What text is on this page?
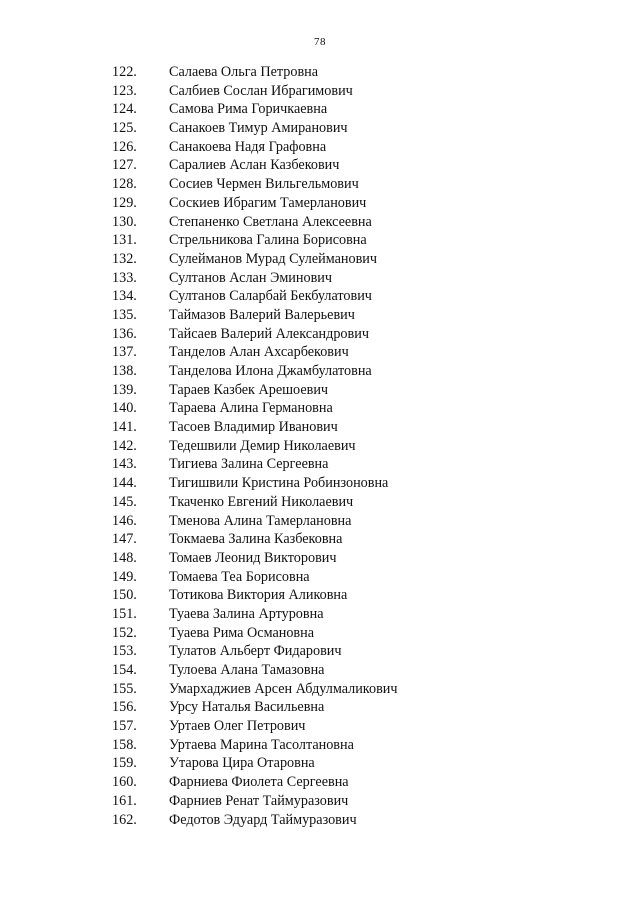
78
122.	Салаева Ольга Петровна
123.	Салбиев Сослан Ибрагимович
124.	Самова Рима Горичкаевна
125.	Санакоев Тимур Амиранович
126.	Санакоева Надя Графовна
127.	Саралиев Аслан Казбекович
128.	Сосиев Чермен Вильгельмович
129.	Соскиев Ибрагим Тамерланович
130.	Степаненко Светлана Алексеевна
131.	Стрельникова Галина Борисовна
132.	Сулейманов Мурад Сулейманович
133.	Султанов Аслан Эминович
134.	Султанов Саларбай Бекбулатович
135.	Таймазов Валерий Валерьевич
136.	Тайсаев Валерий Александрович
137.	Танделов Алан Ахсарбекович
138.	Танделова Илона Джамбулатовна
139.	Тараев Казбек Арешоевич
140.	Тараева Алина Германовна
141.	Тасоев Владимир Иванович
142.	Тедешвили Демир Николаевич
143.	Тигиева Залина Сергеевна
144.	Тигишвили Кристина Робинзоновна
145.	Ткаченко Евгений Николаевич
146.	Тменова Алина Тамерлановна
147.	Токмаева Залина Казбековна
148.	Томаев Леонид Викторович
149.	Томаева Теа Борисовна
150.	Тотикова Виктория Аликовна
151.	Туаева Залина Артуровна
152.	Туаева Рима Османовна
153.	Тулатов Альберт Фидарович
154.	Тулоева Алана Тамазовна
155.	Умархаджиев Арсен Абдулмаликович
156.	Урсу Наталья Васильевна
157.	Уртаев Олег Петрович
158.	Уртаева Марина Тасолтановна
159.	Утарова Цира Отаровна
160.	Фарниева Фиолета Сергеевна
161.	Фарниев Ренат Таймуразович
162.	Федотов Эдуард Таймуразович
